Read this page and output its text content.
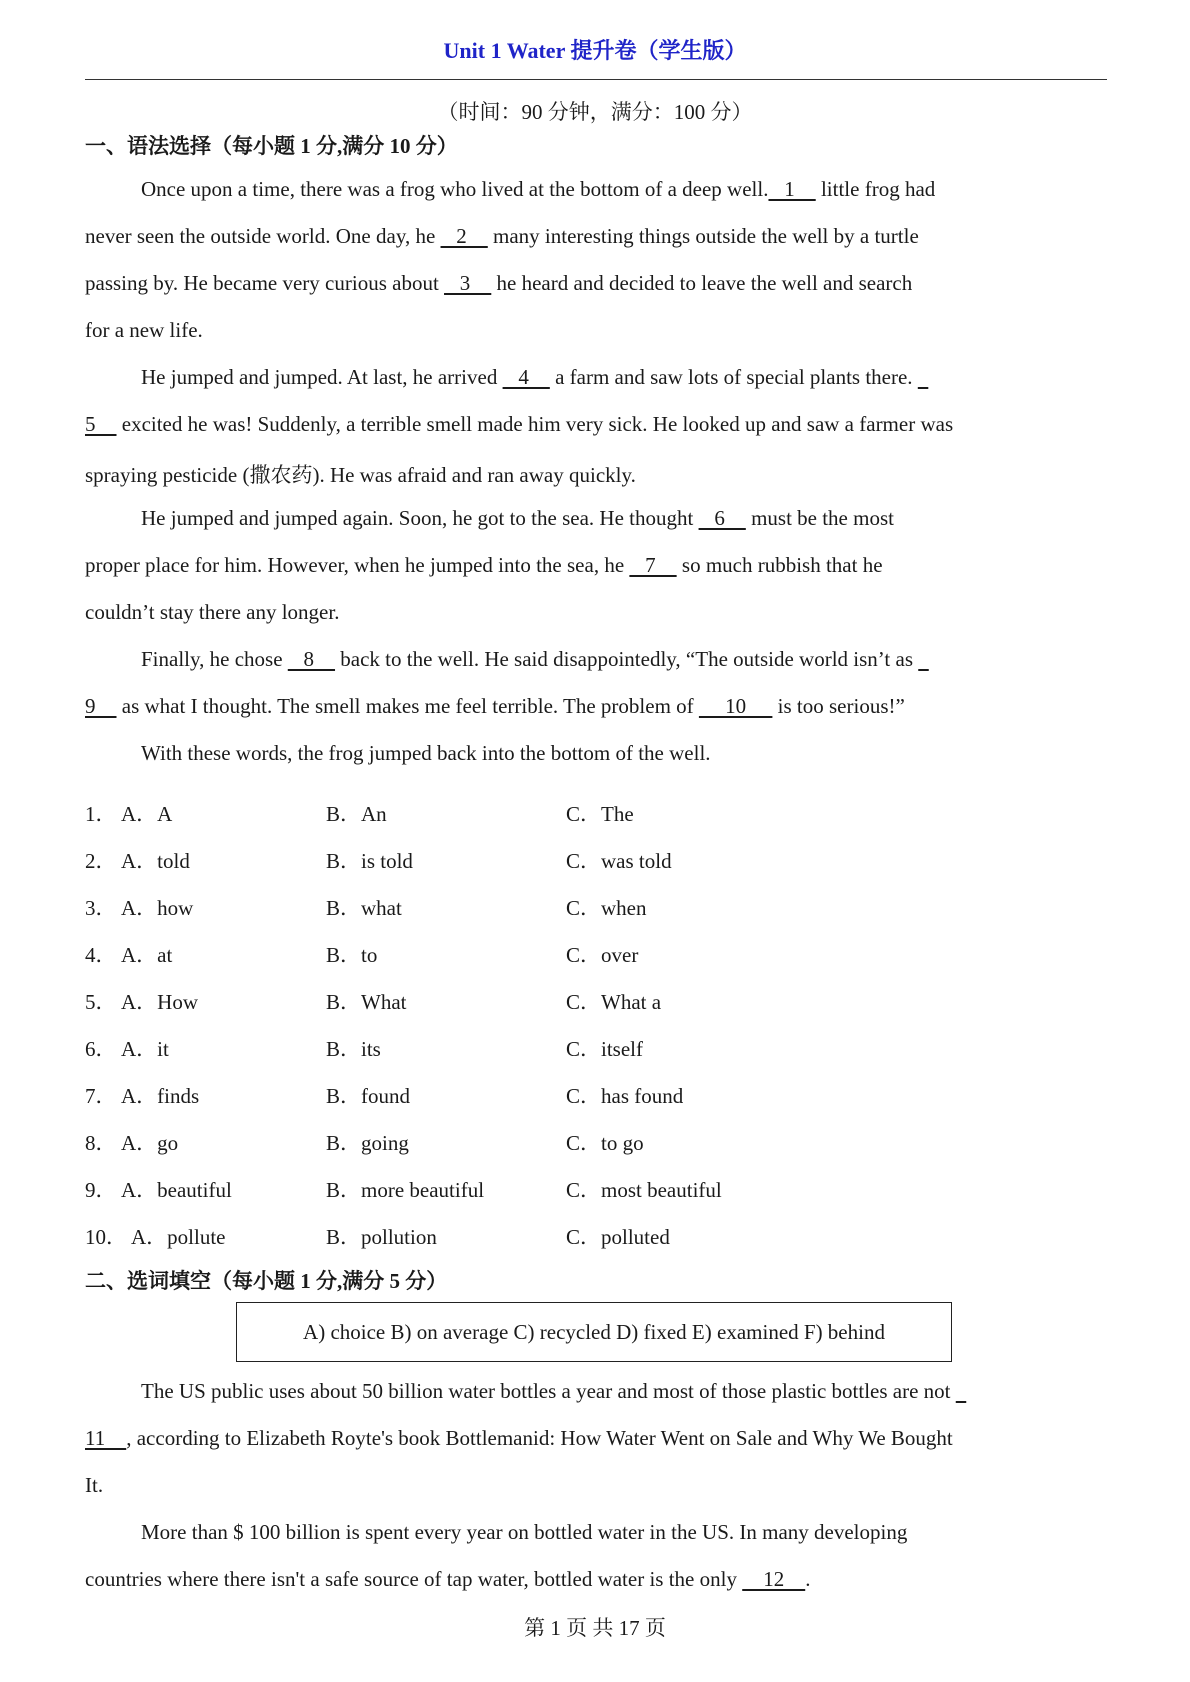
Unit 1 Water 提升卷（学生版）
（时间：90 分钟，满分：100 分）
一、语法选择（每小题 1 分,满分 10 分）
Once upon a time, there was a frog who lived at the bottom of a deep well.   1     little frog had
never seen the outside world. One day, he    2     many interesting things outside the well by a turtle
passing by. He became very curious about    3     he heard and decided to leave the well and search
for a new life.
He jumped and jumped. At last, he arrived    4     a farm and saw lots of special plants there.
5     excited he was! Suddenly, a terrible smell made him very sick. He looked up and saw a farmer was
spraying pesticide (撒农药). He was afraid and ran away quickly.
He jumped and jumped again. Soon, he got to the sea. He thought    6     must be the most
proper place for him. However, when he jumped into the sea, he    7     so much rubbish that he
couldn’t stay there any longer.
Finally, he chose    8     back to the well. He said disappointedly, “The outside world isn’t as
9     as what I thought. The smell makes me feel terrible. The problem of      10      is too serious!”
With these words, the frog jumped back into the bottom of the well.
1． A．A	B．An	C．The
2． A．told	B．is told	C．was told
3． A．how	B．what	C．when
4． A．at	B．to	C．over
5． A．How	B．What	C．What a
6． A．it	B．its	C．itself
7． A．finds	B．found	C．has found
8． A．go	B．going	C．to go
9． A．beautiful	B．more beautiful	C．most beautiful
10． A．pollute	B．pollution	C．polluted
二、选词填空（每小题 1 分,满分 5 分）
A) choice B) on average C) recycled D) fixed E) examined F) behind
The US public uses about 50 billion water bottles a year and most of those plastic bottles are not
11    , according to Elizabeth Royte's book Bottlemanid: How Water Went on Sale and Why We Bought
It.
More than $ 100 billion is spent every year on bottled water in the US. In many developing
countries where there isn't a safe source of tap water, bottled water is the only     12    .
第 1 页 共 17 页
